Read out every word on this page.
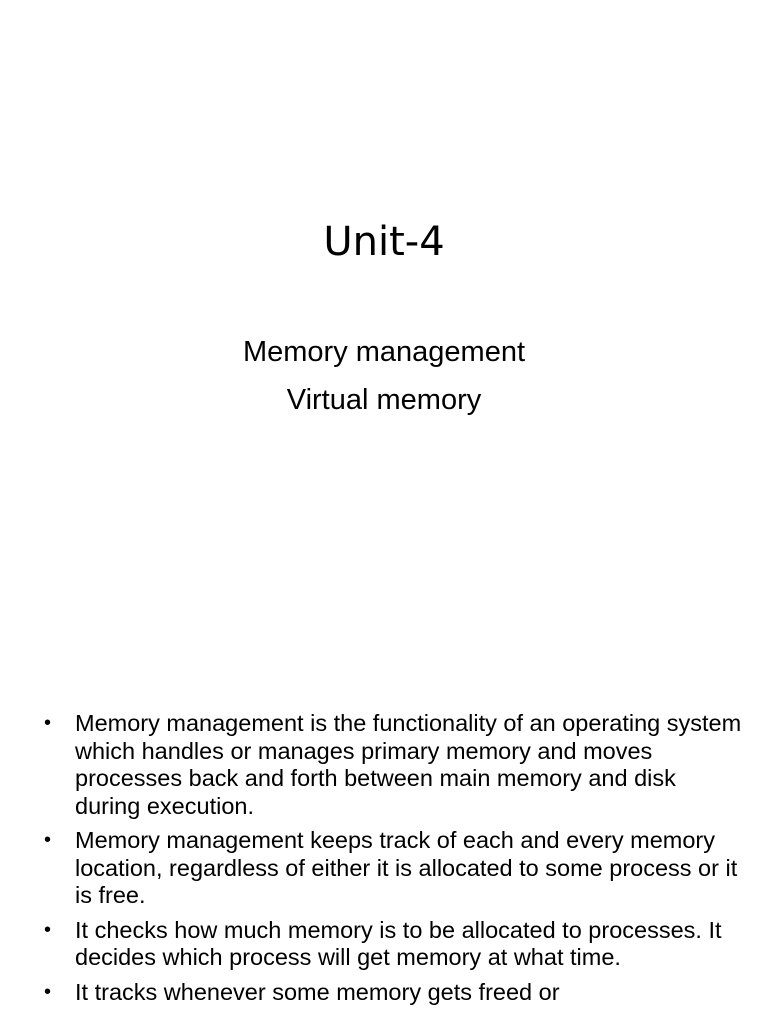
Unit-4
Memory management
Virtual memory
•	Memory management is the functionality of an operating system which handles or manages primary memory and moves processes back and forth between main memory and disk during execution.
•	Memory management keeps track of each and every memory location, regardless of either it is allocated to some process or it is free.
•	It checks how much memory is to be allocated to processes. It decides which process will get memory at what time.
•	It tracks whenever some memory gets freed or
